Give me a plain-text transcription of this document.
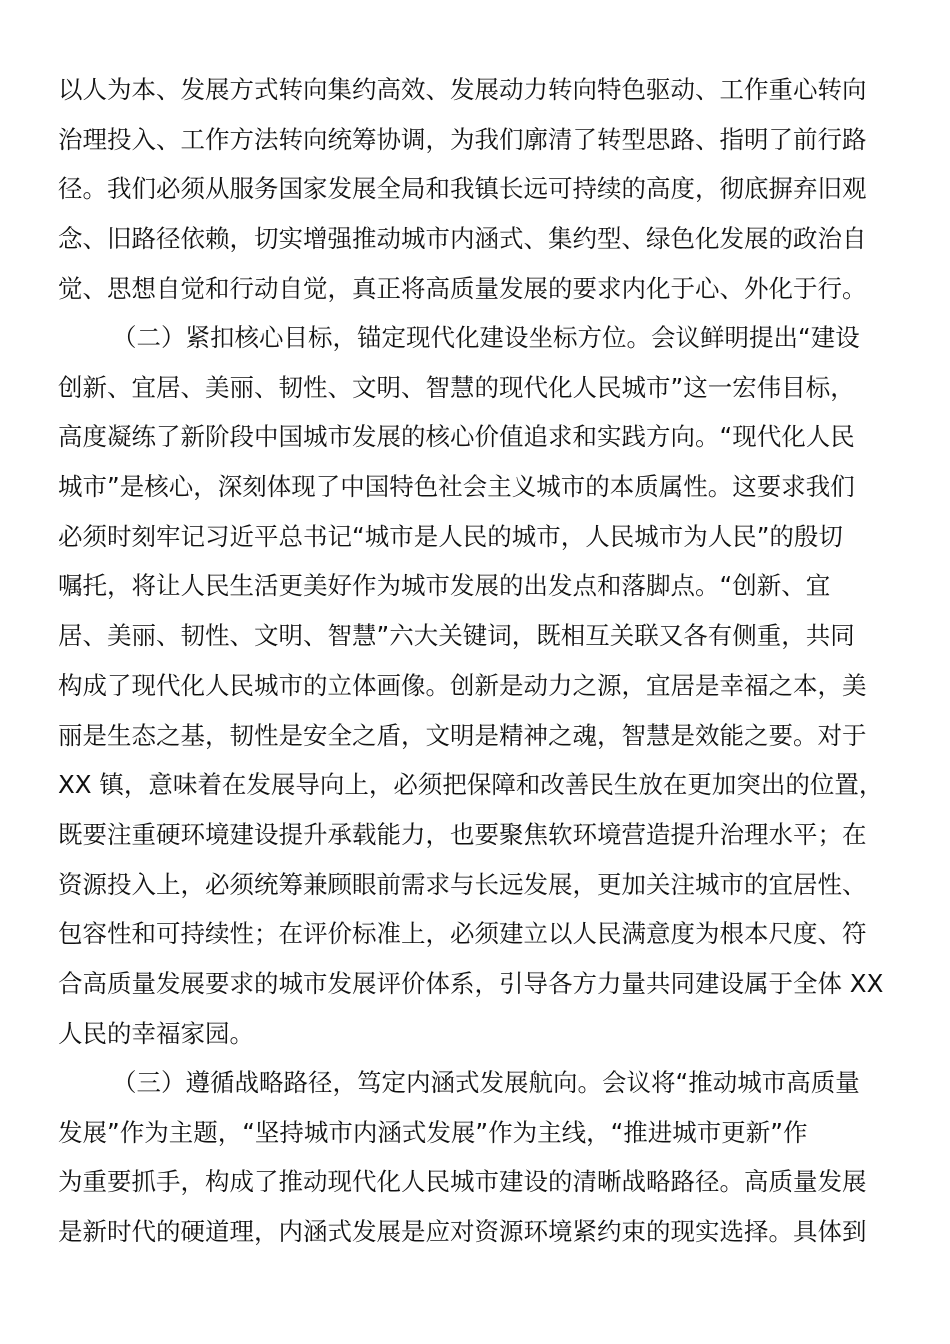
以人为本、发展方式转向集约高效、发展动力转向特色驱动、工作重心转向
治理投入、工作方法转向统筹协调，为我们廓清了转型思路、指明了前行路
径。我们必须从服务国家发展全局和我镇长远可持续的高度，彻底摒弃旧观
念、旧路径依赖，切实增强推动城市内涵式、集约型、绿色化发展的政治自
觉、思想自觉和行动自觉，真正将高质量发展的要求内化于心、外化于行。
（二）紧扣核心目标，锚定现代化建设坐标方位。会议鲜明提出“建设
创新、宜居、美丽、韧性、文明、智慧的现代化人民城市”这一宏伟目标，
高度凝练了新阶段中国城市发展的核心价值追求和实践方向。“现代化人民
城市”是核心，深刻体现了中国特色社会主义城市的本质属性。这要求我们
必须时刻牢记习近平总书记“城市是人民的城市，人民城市为人民”的殷切
嘱托，将让人民生活更美好作为城市发展的出发点和落脚点。“创新、宜
居、美丽、韧性、文明、智慧”六大关键词，既相互关联又各有侧重，共同
构成了现代化人民城市的立体画像。创新是动力之源，宜居是幸福之本，美
丽是生态之基，韧性是安全之盾，文明是精神之魂，智慧是效能之要。对于
XX 镇，意味着在发展导向上，必须把保障和改善民生放在更加突出的位置，
既要注重硬环境建设提升承载能力，也要聚焦软环境营造提升治理水平；在
资源投入上，必须统筹兼顾眼前需求与长远发展，更加关注城市的宜居性、
包容性和可持续性；在评价标准上，必须建立以人民满意度为根本尺度、符
合高质量发展要求的城市发展评价体系，引导各方力量共同建设属于全体 XX
人民的幸福家园。
（三）遵循战略路径，笃定内涵式发展航向。会议将“推动城市高质量
发展”作为主题，“坚持城市内涵式发展”作为主线，“推进城市更新”作
为重要抓手，构成了推动现代化人民城市建设的清晰战略路径。高质量发展
是新时代的硬道理，内涵式发展是应对资源环境紧约束的现实选择。具体到
